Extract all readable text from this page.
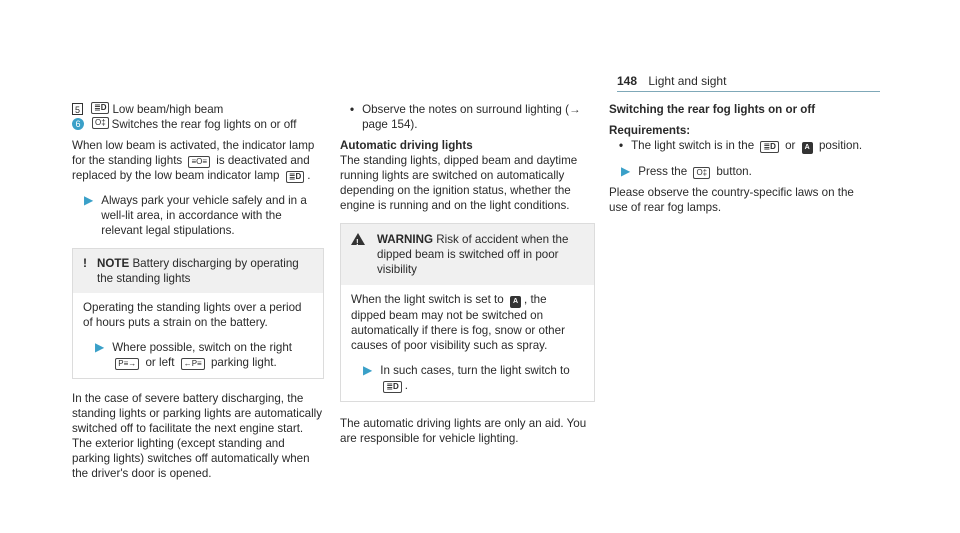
148 Light and sight
5	≣D Low beam/high beam
6	O‡ Switches the rear fog lights on or off

When low beam is activated, the indicator lamp for the standing lights ≡O≡ is deactivated and replaced by the low beam indicator lamp ≣D .

▶ Always park your vehicle safely and in a well-lit area, in accordance with the relevant legal stipulations.
! NOTE Battery discharging by operating the standing lights

Operating the standing lights over a period of hours puts a strain on the battery.

▶ Where possible, switch on the right P≡→ or left ←P≡ parking light.

In the case of severe battery discharging, the standing lights or parking lights are automatically switched off to facilitate the next engine start.

The exterior lighting (except standing and parking lights) switches off automatically when the driver's door is opened.

• Observe the notes on surround lighting (→ page 154).

Automatic driving lights

The standing lights, dipped beam and daytime running lights are switched on automatically depending on the ignition status, whether the engine is running and on the light conditions.

! WARNING Risk of accident when the dipped beam is switched off in poor visibility

When the light switch is set to A , the dipped beam may not be switched on automatically if there is fog, snow or other causes of poor visibility such as spray.

▶ In such cases, turn the light switch to ≣D .

The automatic driving lights are only an aid. You are responsible for vehicle lighting.

Switching the rear fog lights on or off

Requirements:

• The light switch is in the ≣D or A position.
▶ Press the O‡ button.

Please observe the country-specific laws on the use of rear fog lamps.
